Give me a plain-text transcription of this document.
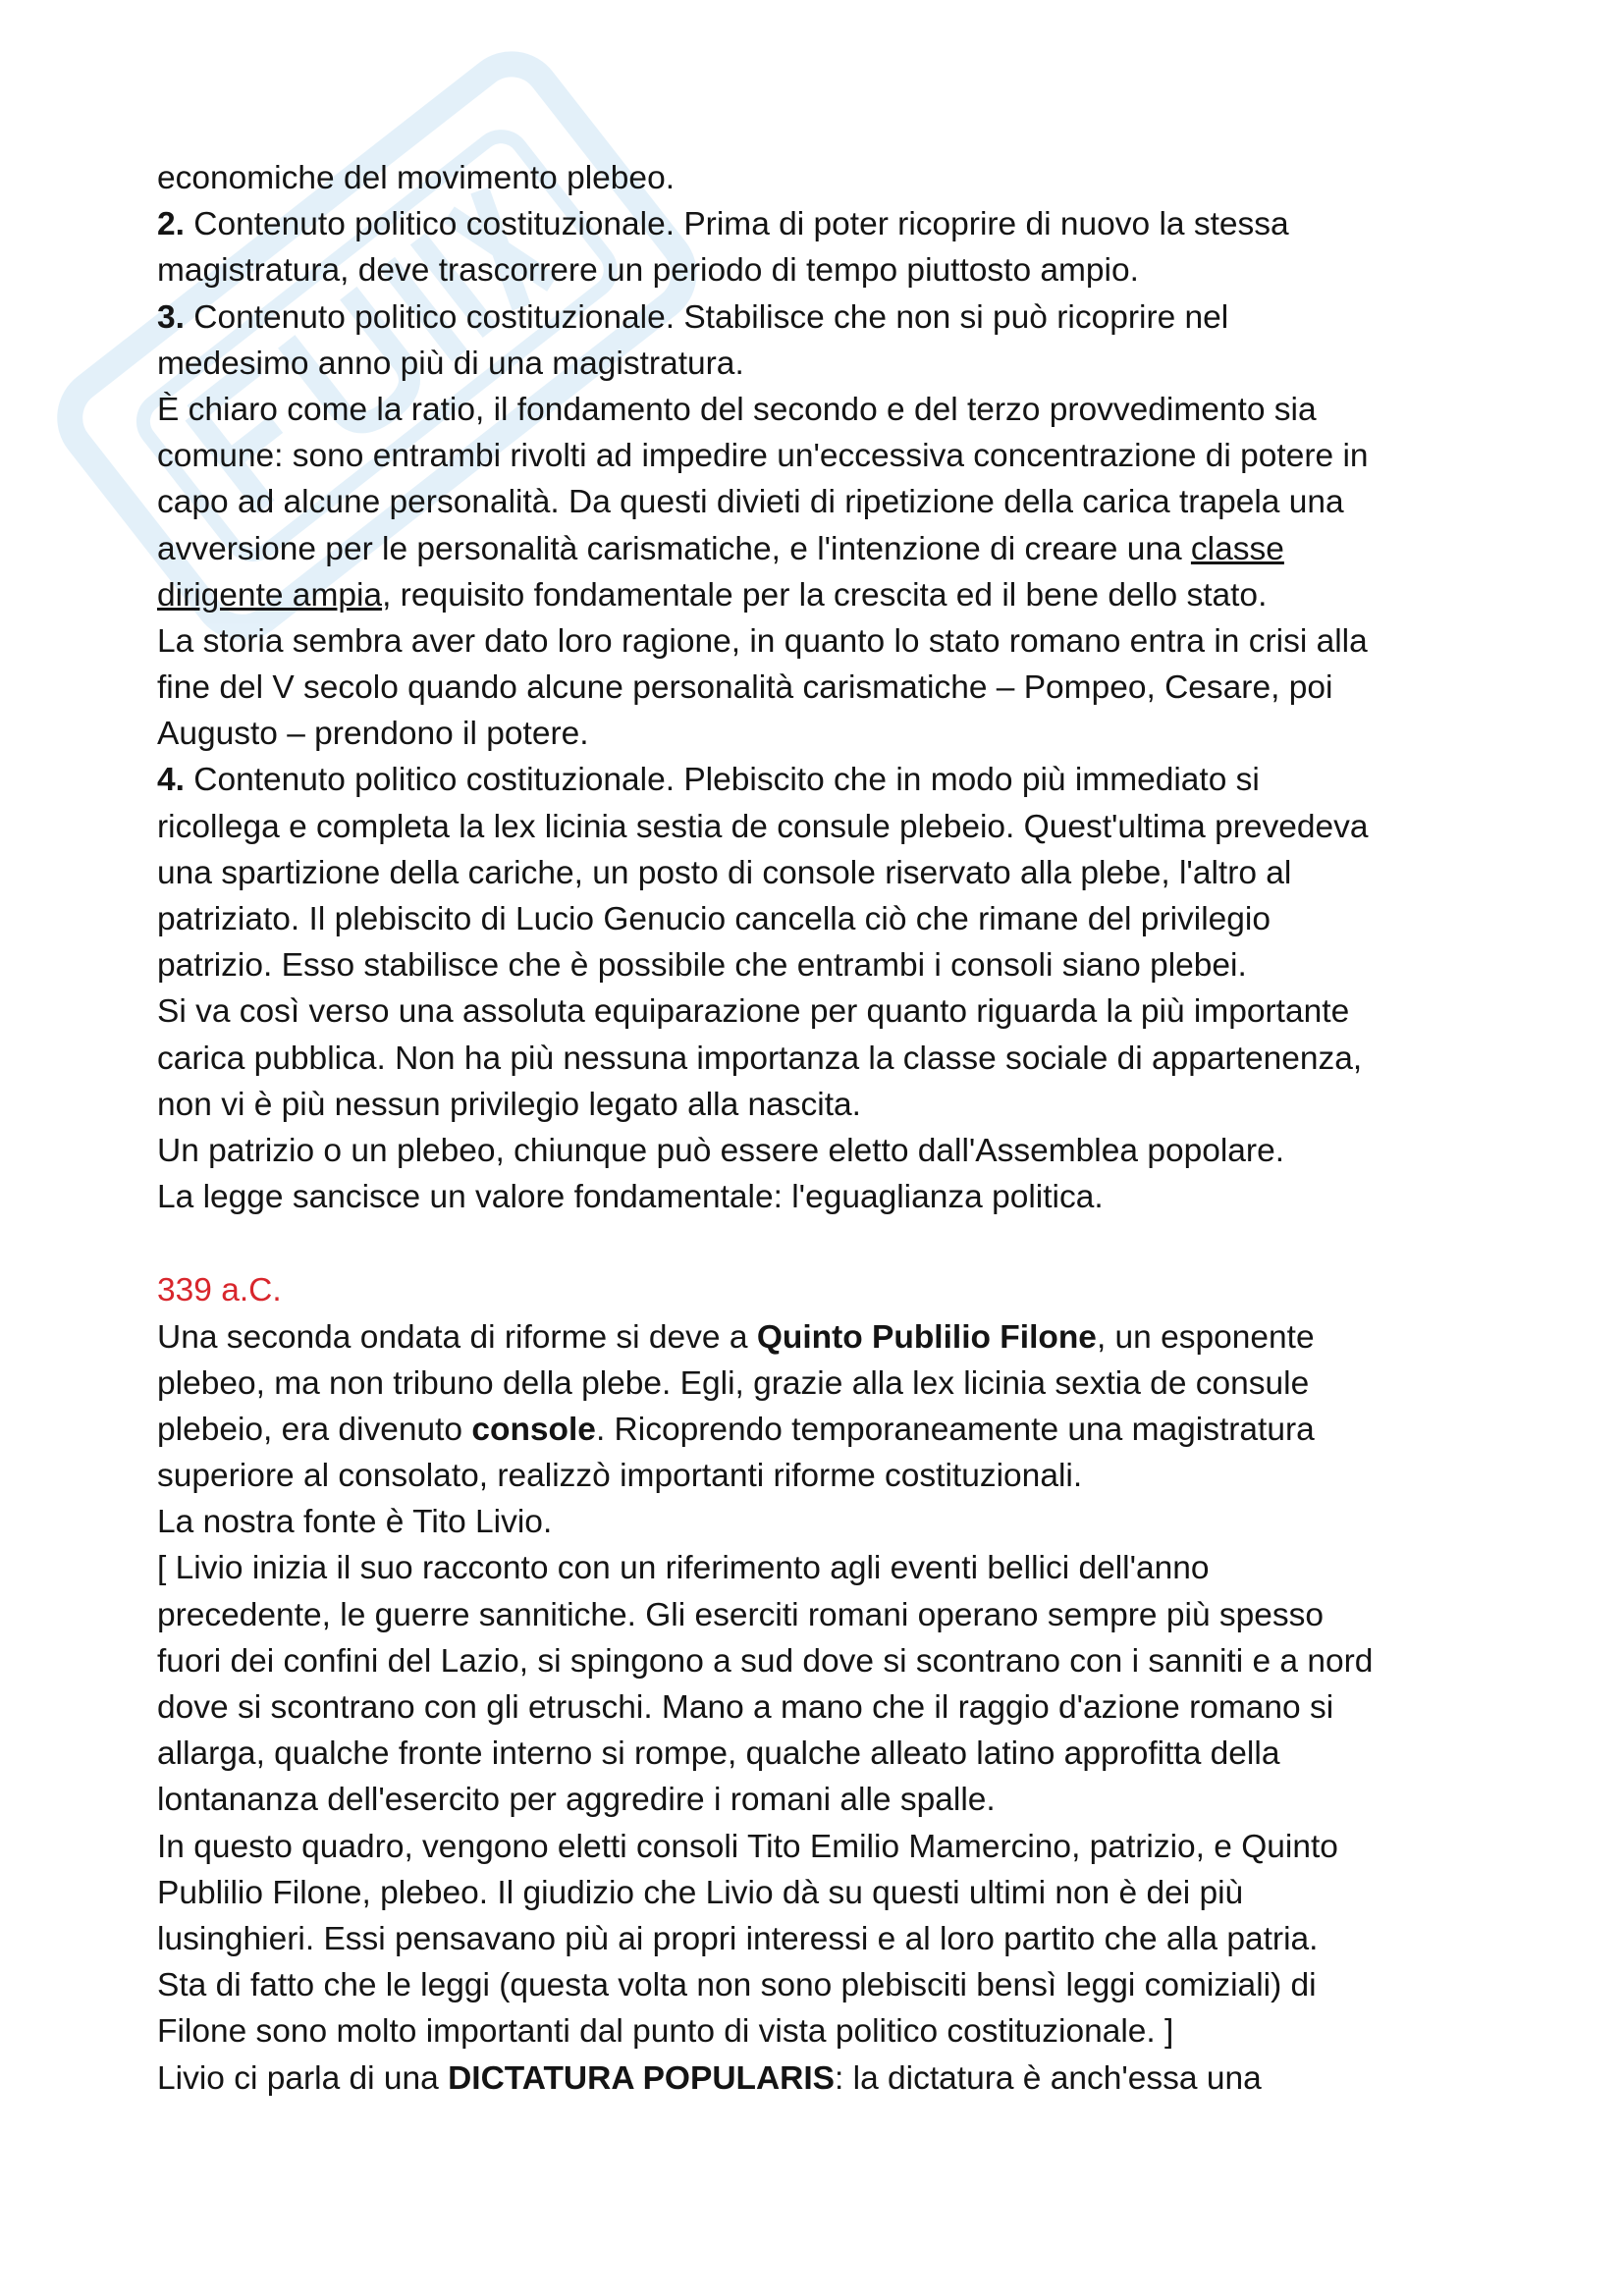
economiche del movimento plebeo.
2. Contenuto politico costituzionale. Prima di poter ricoprire di nuovo la stessa
magistratura, deve trascorrere un periodo di tempo piuttosto ampio.
3. Contenuto politico costituzionale. Stabilisce che non si può ricoprire nel
medesimo anno più di una magistratura.
È chiaro come la ratio, il fondamento del secondo e del terzo provvedimento sia
comune: sono entrambi rivolti ad impedire un'eccessiva concentrazione di potere in
capo ad alcune personalità. Da questi divieti di ripetizione della carica trapela una
avversione per le personalità carismatiche, e l'intenzione di creare una classe
dirigente ampia, requisito fondamentale per la crescita ed il bene dello stato.
La storia sembra aver dato loro ragione, in quanto lo stato romano entra in crisi alla
fine del V secolo quando alcune personalità carismatiche – Pompeo, Cesare, poi
Augusto – prendono il potere.
4. Contenuto politico costituzionale. Plebiscito che in modo più immediato si
ricollega e completa la lex licinia sestia de consule plebeio. Quest'ultima prevedeva
una spartizione della cariche, un posto di console riservato alla plebe, l'altro al
patriziato. Il plebiscito di Lucio Genucio cancella ciò che rimane del privilegio
patrizio. Esso stabilisce che è possibile che entrambi i consoli siano plebei.
Si va così verso una assoluta equiparazione per quanto riguarda la più importante
carica pubblica. Non ha più nessuna importanza la classe sociale di appartenenza,
non vi è più nessun privilegio legato alla nascita.
Un patrizio o un plebeo, chiunque può essere eletto dall'Assemblea popolare.
La legge sancisce un valore fondamentale: l'eguaglianza politica.
339 a.C.
Una seconda ondata di riforme si deve a Quinto Publilio Filone, un esponente
plebeo, ma non tribuno della plebe. Egli, grazie alla lex licinia sextia de consule
plebeio, era divenuto console. Ricoprendo temporaneamente una magistratura
superiore al consolato, realizzò importanti riforme costituzionali.
La nostra fonte è Tito Livio.
[ Livio inizia il suo racconto con un riferimento agli eventi bellici dell'anno
precedente, le guerre sannitiche. Gli eserciti romani operano sempre più spesso
fuori dei confini del Lazio, si spingono a sud dove si scontrano con i sanniti e a nord
dove si scontrano con gli etruschi. Mano a mano che il raggio d'azione romano si
allarga, qualche fronte interno si rompe, qualche alleato latino approfitta della
lontananza dell'esercito per aggredire i romani alle spalle.
In questo quadro, vengono eletti consoli Tito Emilio Mamercino, patrizio, e Quinto
Publilio Filone, plebeo. Il giudizio che Livio dà su questi ultimi non è dei più
lusinghieri. Essi pensavano più ai propri interessi e al loro partito che alla patria.
Sta di fatto che le leggi (questa volta non sono plebisciti bensì leggi comiziali) di
Filone sono molto importanti dal punto di vista politico costituzionale. ]
Livio ci parla di una DICTATURA POPULARIS: la dictatura è anch'essa una
